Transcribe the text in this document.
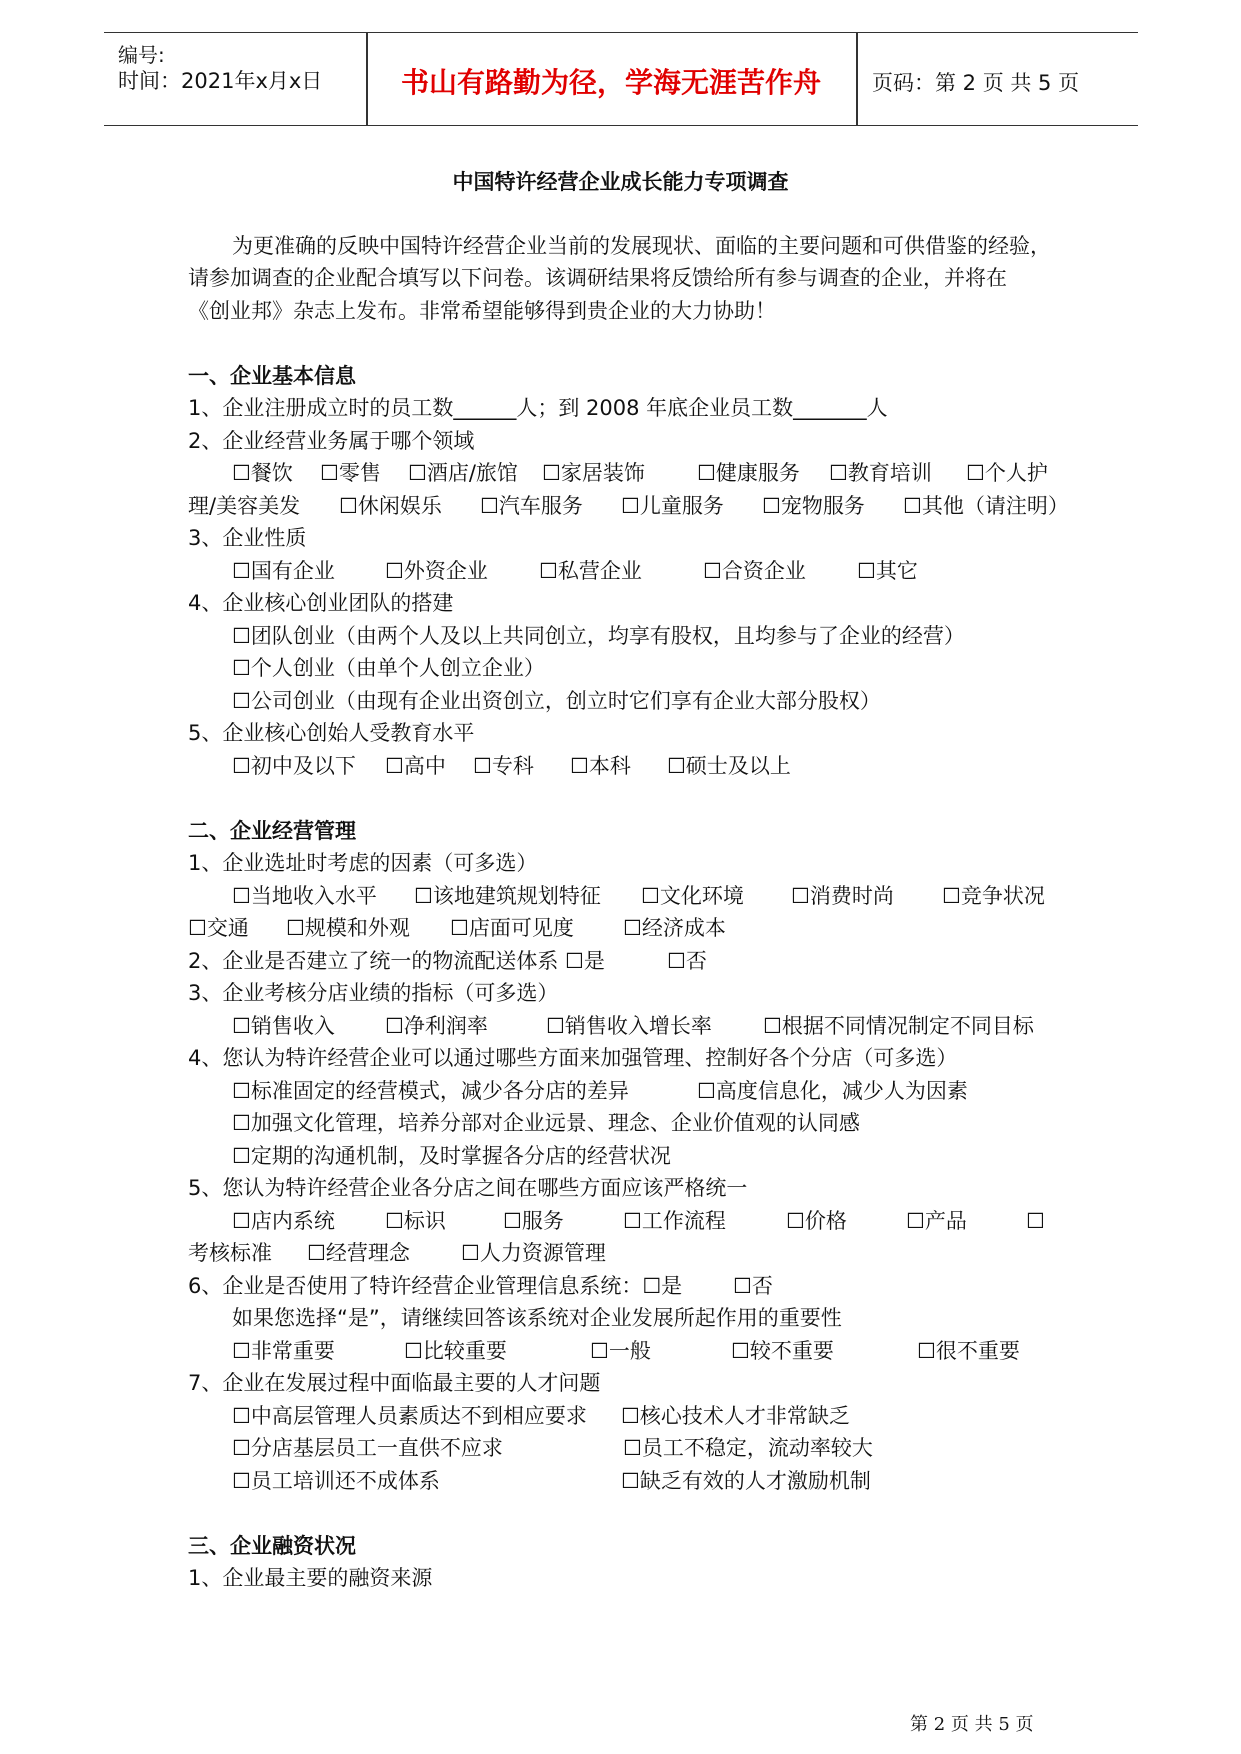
编号:
时间：2021年x月x日	书山有路勤为径，学海无涯苦作舟	页码：第 2 页 共 5 页
中国特许经营企业成长能力专项调查
为更准确的反映中国特许经营企业当前的发展现状、面临的主要问题和可供借鉴的经验，
请参加调查的企业配合填写以下问卷。该调研结果将反馈给所有参与调查的企业，并将在
《创业邦》杂志上发布。非常希望能够得到贵企业的大力协助！
一、企业基本信息
1、企业注册成立时的员工数______人；到 2008 年底企业员工数_______人
2、企业经营业务属于哪个领域
☐餐饮 ☐零售 ☐酒店/旅馆 ☐家居装饰 ☐健康服务 ☐教育培训 ☐个人护
理/美容美发 ☐休闲娱乐 ☐汽车服务 ☐儿童服务 ☐宠物服务 ☐其他（请注明）
3、企业性质
☐国有企业 ☐外资企业 ☐私营企业	☐合资企业 ☐其它
4、企业核心创业团队的搭建
☐团队创业（由两个人及以上共同创立，均享有股权，且均参与了企业的经营）
☐个人创业（由单个人创立企业）
☐公司创业（由现有企业出资创立，创立时它们享有企业大部分股权）
5、企业核心创始人受教育水平
☐初中及以下 ☐高中 ☐专科 ☐本科 ☐硕士及以上
二、企业经营管理
1、企业选址时考虑的因素（可多选）
☐当地收入水平 ☐该地建筑规划特征 ☐文化环境 ☐消费时尚 ☐竞争状况
☐交通 ☐规模和外观 ☐店面可见度 ☐经济成本
2、企业是否建立了统一的物流配送体系 ☐是	☐否
3、企业考核分店业绩的指标（可多选）
☐销售收入 ☐净利润率	☐销售收入增长率 ☐根据不同情况制定不同目标
4、您认为特许经营企业可以通过哪些方面来加强管理、控制好各个分店（可多选）
☐标准固定的经营模式，减少各分店的差异	☐高度信息化，减少人为因素
☐加强文化管理，培养分部对企业远景、理念、企业价值观的认同感
☐定期的沟通机制，及时掌握各分店的经营状况
5、您认为特许经营企业各分店之间在哪些方面应该严格统一
☐店内系统 ☐标识	☐服务	☐工作流程	☐价格	☐产品	☐
考核标准 ☐经营理念 ☐人力资源管理
6、企业是否使用了特许经营企业管理信息系统：☐是 ☐否
如果您选择“是”，请继续回答该系统对企业发展所起作用的重要性
☐非常重要	☐比较重要	☐一般	☐较不重要	☐很不重要
7、企业在发展过程中面临最主要的人才问题
☐中高层管理人员素质达不到相应要求 ☐核心技术人才非常缺乏
☐分店基层员工一直供不应求	☐员工不稳定，流动率较大
☐员工培训还不成体系	☐缺乏有效的人才激励机制
三、企业融资状况
1、企业最主要的融资来源
第 2 页 共 5 页
